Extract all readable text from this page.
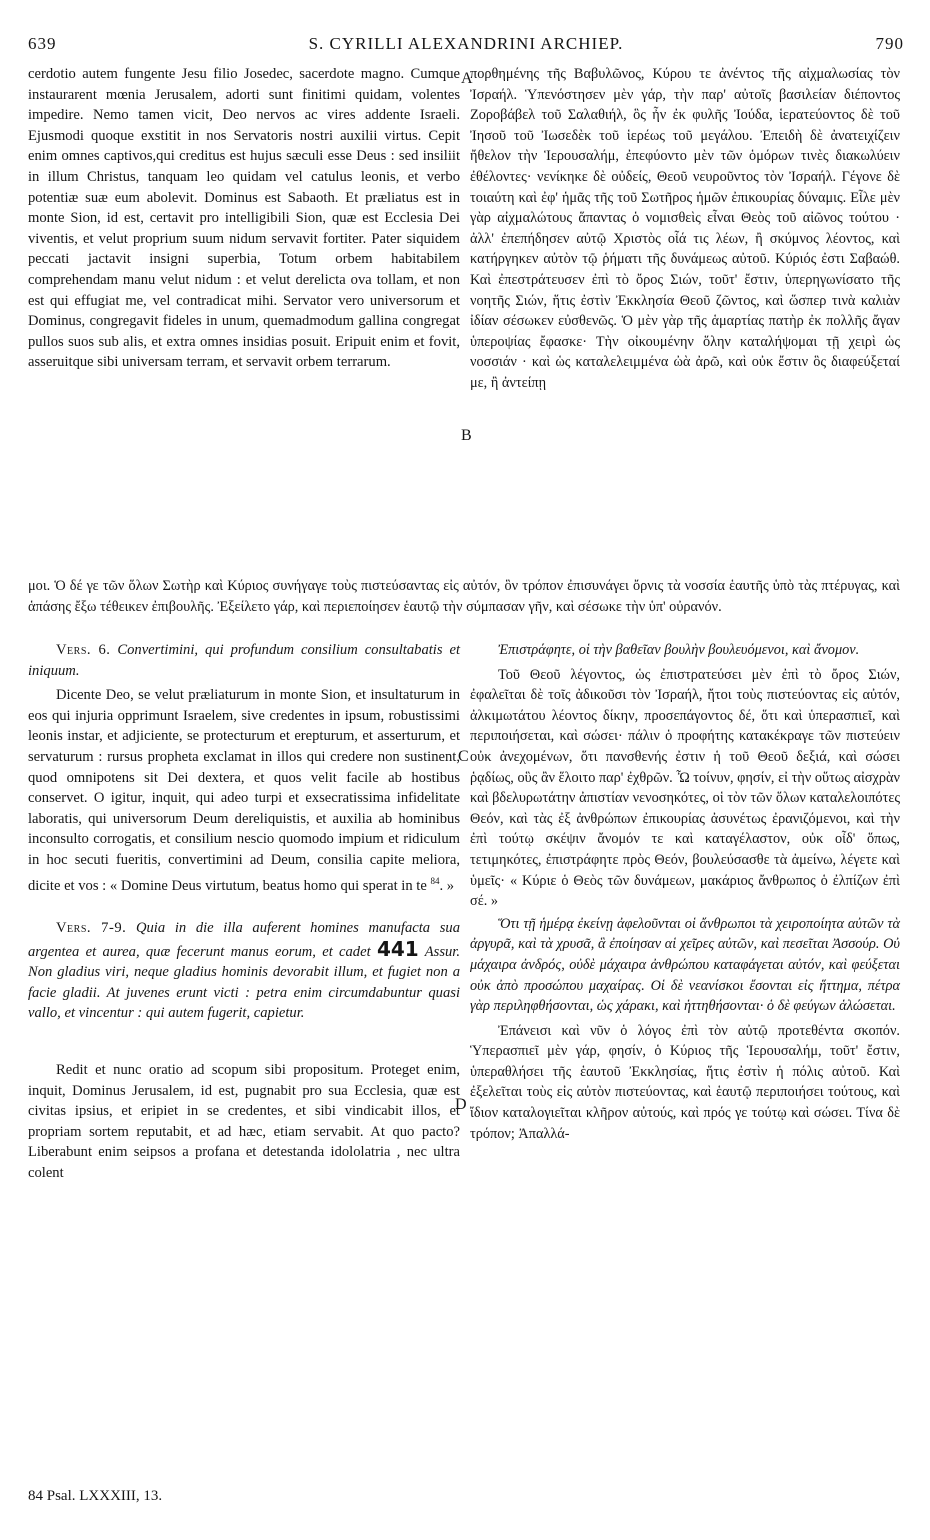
639	S. CYRILLI ALEXANDRINI ARCHIEP.	790
A
B
C
D

cerdotio autem fungente Jesu filio Josedec, sacerdote magno. Cumque instaurarent mœnia Jerusalem, adorti sunt finitimi quidam, volentes impedire. Nemo tamen vicit, Deo nervos ac vires addente Israeli. Ejusmodi quoque exstitit in nos Servatoris nostri auxilii virtus. Cepit enim omnes captivos,qui creditus est hujus sæculi esse Deus : sed insiliit in illum Christus, tanquam leo quidam vel catulus leonis, et verbo potentiæ suæ eum abolevit. Dominus est Sabaoth. Et præliatus est in monte Sion, id est, certavit pro intelligibili Sion, quæ est Ecclesia Dei viventis, et velut proprium suum nidum servavit fortiter. Pater siquidem peccati jactavit insigni superbia, Totum orbem habitabilem comprehendam manu velut nidum : et velut derelicta ova tollam, et non est qui effugiat me, vel contradicat mihi. Servator vero universorum et Dominus, congregavit fideles in unum, quemadmodum gallina congregat pullos suos sub alis, et extra omnes insidias posuit. Eripuit enim et fovit, asseruitque sibi universam terram, et servavit orbem terrarum.

πορθημένης τῆς Βαβυλῶνος, Κύρου τε ἀνέντος τῆς αἰχμαλωσίας τὸν Ἰσραήλ. Ὑπενόστησεν μὲν γάρ, τὴν παρ' αὐτοῖς βασιλείαν διέποντος Ζοροβάβελ τοῦ Σαλαθιήλ, ὃς ἦν ἐκ φυλῆς Ἰούδα, ἱερατεύοντος δὲ τοῦ Ἰησοῦ τοῦ Ἰωσεδὲκ τοῦ ἱερέως τοῦ μεγάλου. Ἐπειδὴ δὲ ἀνατειχίζειν ἤθελον τὴν Ἱερουσαλήμ, ἐπεφύοντο μὲν τῶν ὁμόρων τινὲς διακωλύειν ἐθέλοντες· νενίκηκε δὲ οὐδείς, Θεοῦ νευροῦντος τὸν Ἰσραήλ. Γέγονε δὲ τοιαύτη καὶ ἐφ' ἡμᾶς τῆς τοῦ Σωτῆρος ἡμῶν ἐπικουρίας δύναμις. Εἷλε μὲν γὰρ αἰχμαλώτους ἅπαντας ὁ νομισθεὶς εἶναι Θεὸς τοῦ αἰῶνος τούτου · ἀλλ' ἐπεπήδησεν αὐτῷ Χριστὸς οἷά τις λέων, ἢ σκύμνος λέοντος, καὶ κατήργηκεν αὐτὸν τῷ ῥήματι τῆς δυνάμεως αὐτοῦ. Κύριός ἐστι Σαβαώθ. Καὶ ἐπεστράτευσεν ἐπὶ τὸ ὄρος Σιών, τοῦτ' ἔστιν, ὑπερηγωνίσατο τῆς νοητῆς Σιών, ἥτις ἐστὶν Ἐκκλησία Θεοῦ ζῶντος, καὶ ὥσπερ τινὰ καλιὰν ἰδίαν σέσωκεν εὐσθενῶς. Ὁ μὲν γὰρ τῆς ἁμαρτίας πατὴρ ἐκ πολλῆς ἄγαν ὑπεροψίας ἔφασκε· Τὴν οἰκουμένην ὅλην καταλήψομαι τῇ χειρὶ ὡς νοσσιάν · καὶ ὡς καταλελειμμένα ὠὰ ἀρῶ, καὶ οὐκ ἔστιν ὃς διαφεύξεταί με, ἢ ἀντείπῃ

μοι. Ὁ δέ γε τῶν ὅλων Σωτὴρ καὶ Κύριος συνήγαγε τοὺς πιστεύσαντας εἰς αὐτόν, ὃν τρόπον ἐπισυνάγει ὄρνις τὰ νοσσία ἑαυτῆς ὑπὸ τὰς πτέρυγας, καὶ ἁπάσης ἔξω τέθεικεν ἐπιβουλῆς. Ἐξείλετο γάρ, καὶ περιεποίησεν ἑαυτῷ τὴν σύμπασαν γῆν, καὶ σέσωκε τὴν ὑπ' οὐρανόν.

Vers. 6. Convertimini, qui profundum consilium consultabatis et iniquum.

Dicente Deo, se velut præliaturum in monte Sion, et insultaturum in eos qui injuria opprimunt Israelem, sive credentes in ipsum, robustissimi leonis instar, et adjiciente, se protecturum et erepturum, et asserturum, et servaturum : rursus propheta exclamat in illos qui credere non sustinent, quod omnipotens sit Dei dextera, et quos velit facile ab hostibus conservet. O igitur, inquit, qui adeo turpi et exsecratissima infidelitate laboratis, qui universorum Deum dereliquistis, et auxilia ab hominibus inconsulto corrogatis, et consilium nescio quomodo impium et ridiculum in hoc secuti fueritis, convertimini ad Deum, consilia capite meliora, dicite et vos : « Domine Deus virtutum, beatus homo qui sperat in te $^{84}$. »

Vers. 7-9. Quia in die illa auferent homines manufacta sua argentea et aurea, quæ fecerunt manus eorum, et cadet 441 Assur. Non gladius viri, neque gladius hominis devorabit illum, et fugiet non a facie gladii. At juvenes erunt victi : petra enim circumdabuntur quasi vallo, et vincentur : qui autem fugerit, capietur.

Redit et nunc oratio ad scopum sibi propositum. Proteget enim, inquit, Dominus Jerusalem, id est, pugnabit pro sua Ecclesia, quæ est civitas ipsius, et eripiet in se credentes, et sibi vindicabit illos, et propriam sortem reputabit, et ad hæc, etiam servabit. At quo pacto? Liberabunt enim seipsos a profana et detestanda idololatria , nec ultra colent

Ἐπιστράφητε, οἱ τὴν βαθεῖαν βουλὴν βουλευόμενοι, καὶ ἄνομον.

Τοῦ Θεοῦ λέγοντος, ὡς ἐπιστρατεύσει μὲν ἐπὶ τὸ ὄρος Σιών, ἐφαλεῖται δὲ τοῖς ἀδικοῦσι τὸν Ἰσραήλ, ἤτοι τοὺς πιστεύοντας εἰς αὐτόν, ἀλκιμωτάτου λέοντος δίκην, προσεπάγοντος δέ, ὅτι καὶ ὑπερασπιεῖ, καὶ περιποιήσεται, καὶ σώσει· πάλιν ὁ προφήτης κατακέκραγε τῶν πιστεύειν οὐκ ἀνεχομένων, ὅτι πανσθενής ἐστιν ἡ τοῦ Θεοῦ δεξιά, καὶ σώσει ῥᾳδίως, οὓς ἂν ἕλοιτο παρ' ἐχθρῶν. Ὦ τοίνυν, φησίν, εἰ τὴν οὕτως αἰσχρὰν καὶ βδελυρωτάτην ἀπιστίαν νενοσηκότες, οἱ τὸν τῶν ὅλων καταλελοιπότες Θεόν, καὶ τὰς ἐξ ἀνθρώπων ἐπικουρίας ἀσυνέτως ἐρανιζόμενοι, καὶ τὴν ἐπὶ τούτῳ σκέψιν ἄνομόν τε καὶ καταγέλαστον, οὐκ οἶδ' ὅπως, τετιμηκότες, ἐπιστράφητε πρὸς Θεόν, βουλεύσασθε τὰ ἀμείνω, λέγετε καὶ ὑμεῖς· « Κύριε ὁ Θεὸς τῶν δυνάμεων, μακάριος ἄνθρωπος ὁ ἐλπίζων ἐπὶ σέ. »

Ὅτι τῇ ἡμέρᾳ ἐκείνῃ ἀφελοῦνται οἱ ἄνθρωποι τὰ χειροποίητα αὐτῶν τὰ ἀργυρᾶ, καὶ τὰ χρυσᾶ, ἃ ἐποίησαν αἱ χεῖρες αὐτῶν, καὶ πεσεῖται Ἀσσούρ. Οὐ μάχαιρα ἀνδρός, οὐδὲ μάχαιρα ἀνθρώπου καταφάγεται αὐτόν, καὶ φεύξεται οὐκ ἀπὸ προσώπου μαχαίρας. Οἱ δὲ νεανίσκοι ἔσονται εἰς ἥττημα, πέτρα γὰρ περιληφθήσονται, ὡς χάρακι, καὶ ἡττηθήσονται· ὁ δὲ φεύγων ἁλώσεται.

Ἐπάνεισι καὶ νῦν ὁ λόγος ἐπὶ τὸν αὐτῷ προτεθέντα σκοπόν. Ὑπερασπιεῖ μὲν γάρ, φησίν, ὁ Κύριος τῆς Ἱερουσαλήμ, τοῦτ' ἔστιν, ὑπεραθλήσει τῆς ἑαυτοῦ Ἐκκλησίας, ἥτις ἐστὶν ἡ πόλις αὐτοῦ. Καὶ ἐξελεῖται τοὺς εἰς αὐτὸν πιστεύοντας, καὶ ἑαυτῷ περιποιήσει τούτους, καὶ ἴδιον καταλογιεῖται κλῆρον αὐτούς, καὶ πρός γε τούτῳ καὶ σώσει. Τίνα δὲ τρόπον; Ἀπαλλά-

84 Psal. LXXXIII, 13.
